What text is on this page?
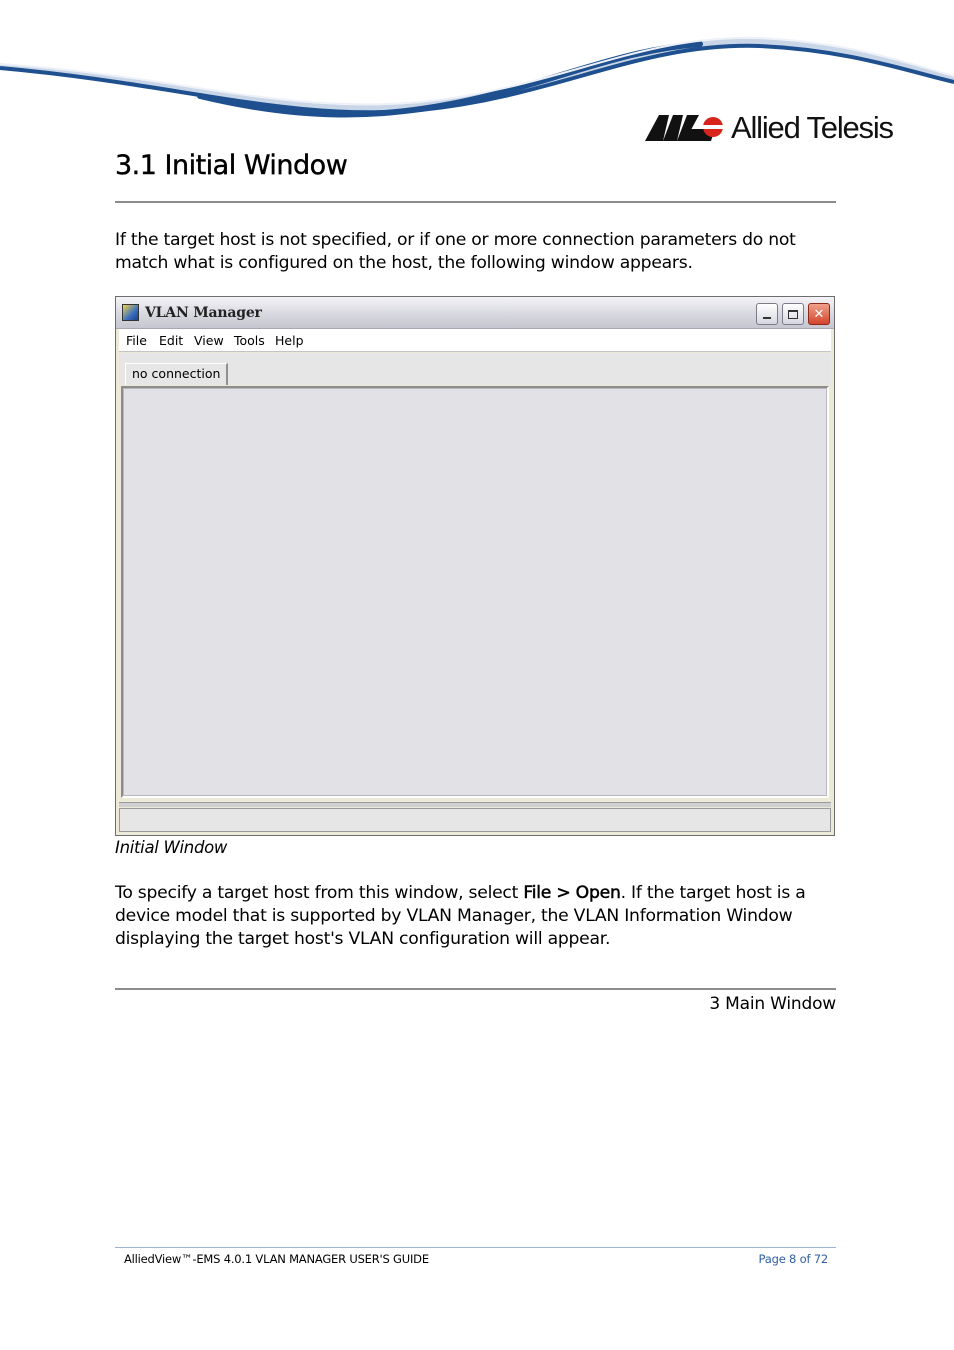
Allied Telesis
3.1 Initial Window

If the target host is not specified, or if one or more connection parameters do not match what is configured on the host, the following window appears.

VLAN Manager	✕
File Edit View Tools Help
no connection
Initial Window

To specify a target host from this window, select File > Open. If the target host is a device model that is supported by VLAN Manager, the VLAN Information Window displaying the target host's VLAN configuration will appear.

3 Main Window
AlliedView™-EMS 4.0.1 VLAN MANAGER USER'S GUIDE	Page 8 of 72
